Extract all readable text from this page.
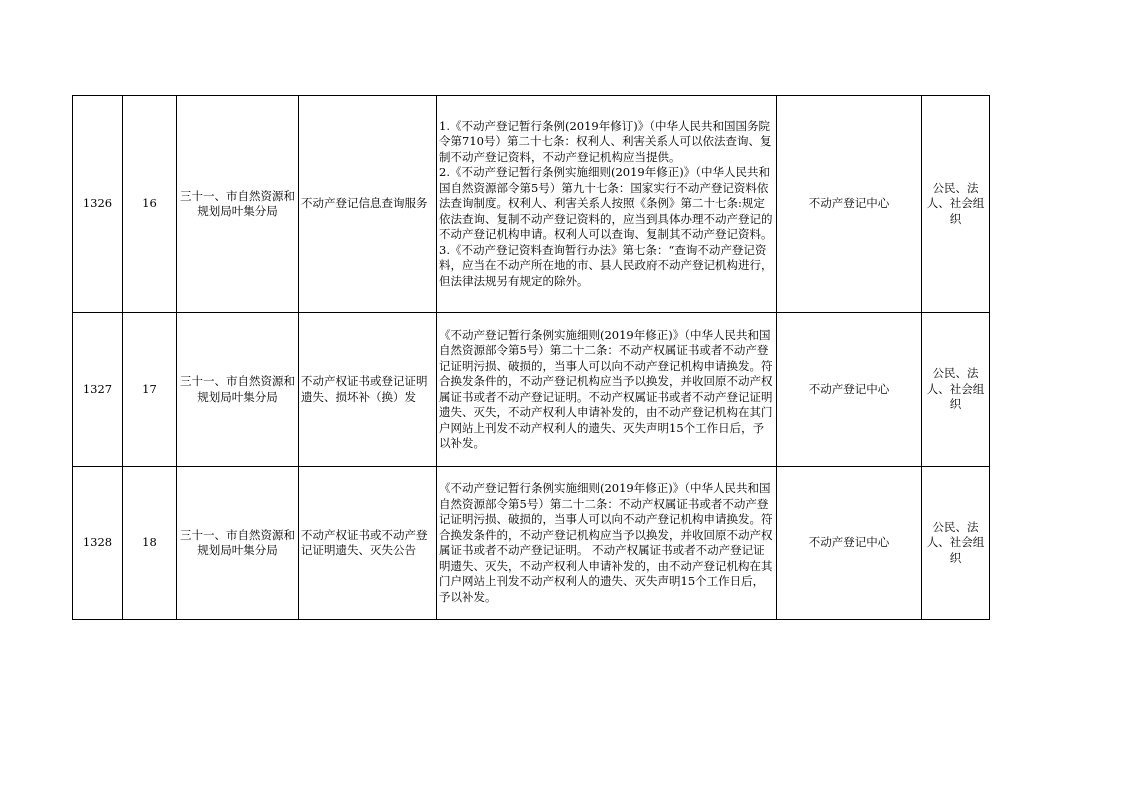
1326	16	三十一、市自然资源和规划局叶集分局	不动产登记信息查询服务	1.《不动产登记暂行条例(2019年修订)》（中华人民共和国国务院令第710号）第二十七条：权利人、利害关系人可以依法查询、复制不动产登记资料，不动产登记机构应当提供。
2.《不动产登记暂行条例实施细则(2019年修正)》（中华人民共和国自然资源部令第5号）第九十七条：国家实行不动产登记资料依法查询制度。权利人、利害关系人按照《条例》第二十七条:规定依法查询、复制不动产登记资料的，应当到具体办理不动产登记的不动产登记机构申请。权利人可以查询、复制其不动产登记资料。
3.《不动产登记资料查询暂行办法》第七条：“查询不动产登记资料，应当在不动产所在地的市、县人民政府不动产登记机构进行，但法律法规另有规定的除外。	不动产登记中心	公民、法人、社会组织
1327	17	三十一、市自然资源和规划局叶集分局	不动产权证书或登记证明遗失、损坏补（换）发	《不动产登记暂行条例实施细则(2019年修正)》（中华人民共和国自然资源部令第5号）第二十二条：不动产权属证书或者不动产登记证明污损、破损的，当事人可以向不动产登记机构申请换发。符合换发条件的，不动产登记机构应当予以换发，并收回原不动产权属证书或者不动产登记证明。不动产权属证书或者不动产登记证明遗失、灭失，不动产权利人申请补发的，由不动产登记机构在其门户网站上刊发不动产权利人的遗失、灭失声明15个工作日后，予以补发。	不动产登记中心	公民、法人、社会组织
1328	18	三十一、市自然资源和规划局叶集分局	不动产权证书或不动产登记证明遗失、灭失公告	《不动产登记暂行条例实施细则(2019年修正)》（中华人民共和国自然资源部令第5号）第二十二条：不动产权属证书或者不动产登记证明污损、破损的，当事人可以向不动产登记机构申请换发。符合换发条件的，不动产登记机构应当予以换发，并收回原不动产权属证书或者不动产登记证明。 不动产权属证书或者不动产登记证明遗失、灭失，不动产权利人申请补发的，由不动产登记机构在其门户网站上刊发不动产权利人的遗失、灭失声明15个工作日后，予以补发。	不动产登记中心	公民、法人、社会组织
